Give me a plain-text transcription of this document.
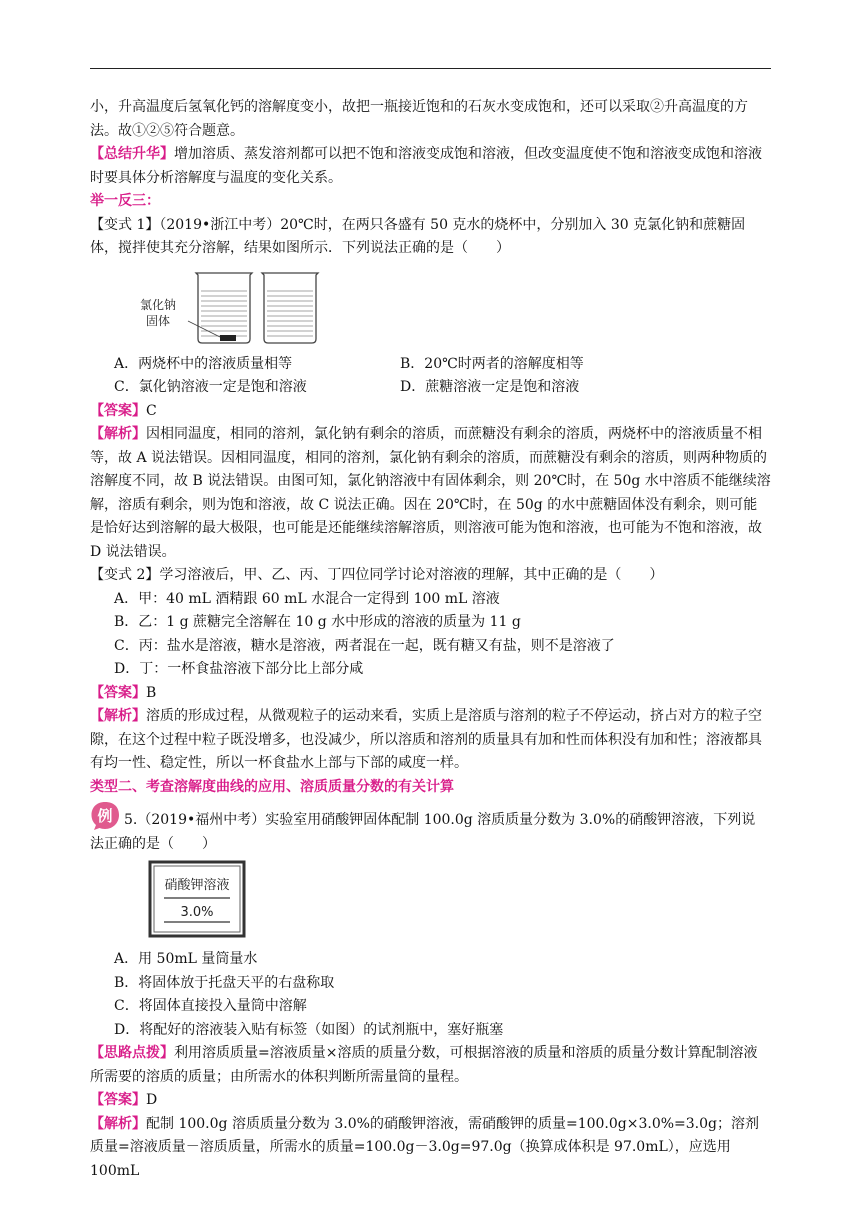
小，升高温度后氢氧化钙的溶解度变小，故把一瓶接近饱和的石灰水变成饱和，还可以采取②升高温度的方法。故①②⑤符合题意。

【总结升华】增加溶质、蒸发溶剂都可以把不饱和溶液变成饱和溶液，但改变温度使不饱和溶液变成饱和溶液时要具体分析溶解度与温度的变化关系。

举一反三：

【变式 1】（2019•浙江中考）20℃时，在两只各盛有 50 克水的烧杯中，分别加入 30 克氯化钠和蔗糖固体，搅拌使其充分溶解，结果如图所示．下列说法正确的是（　　）

氯化钠
固体
A．两烧杯中的溶液质量相等	B．20℃时两者的溶解度相等
C．氯化钠溶液一定是饱和溶液	D．蔗糖溶液一定是饱和溶液

【答案】C

【解析】因相同温度，相同的溶剂，氯化钠有剩余的溶质，而蔗糖没有剩余的溶质，两烧杯中的溶液质量不相等，故 A 说法错误。因相同温度，相同的溶剂，氯化钠有剩余的溶质，而蔗糖没有剩余的溶质，则两种物质的溶解度不同，故 B 说法错误。由图可知，氯化钠溶液中有固体剩余，则 20℃时，在 50g 水中溶质不能继续溶解，溶质有剩余，则为饱和溶液，故 C 说法正确。因在 20℃时，在 50g 的水中蔗糖固体没有剩余，则可能是恰好达到溶解的最大极限，也可能是还能继续溶解溶质，则溶液可能为饱和溶液，也可能为不饱和溶液，故 D 说法错误。

【变式 2】学习溶液后，甲、乙、丙、丁四位同学讨论对溶液的理解，其中正确的是（　　）

A．甲：40 mL 酒精跟 60 mL 水混合一定得到 100 mL 溶液

B．乙：1 g 蔗糖完全溶解在 10 g 水中形成的溶液的质量为 11 g

C．丙：盐水是溶液，糖水是溶液，两者混在一起，既有糖又有盐，则不是溶液了

D．丁：一杯食盐溶液下部分比上部分咸

【答案】B

【解析】溶质的形成过程，从微观粒子的运动来看，实质上是溶质与溶剂的粒子不停运动，挤占对方的粒子空隙，在这个过程中粒子既没增多，也没减少，所以溶质和溶剂的质量具有加和性而体积没有加和性；溶液都具有均一性、稳定性，所以一杯食盐水上部与下部的咸度一样。

类型二、考查溶解度曲线的应用、溶质质量分数的有关计算

例 5.（2019•福州中考）实验室用硝酸钾固体配制 100.0g 溶质质量分数为 3.0%的硝酸钾溶液，下列说

法正确的是（　　）

硝酸钾溶液
3.0%

A．用 50mL 量筒量水

B．将固体放于托盘天平的右盘称取

C．将固体直接投入量筒中溶解

D．将配好的溶液装入贴有标签（如图）的试剂瓶中，塞好瓶塞

【思路点拨】利用溶质质量=溶液质量×溶质的质量分数，可根据溶液的质量和溶质的质量分数计算配制溶液所需要的溶质的质量；由所需水的体积判断所需量筒的量程。

【答案】D

【解析】配制 100.0g 溶质质量分数为 3.0%的硝酸钾溶液，需硝酸钾的质量=100.0g×3.0%=3.0g；溶剂质量=溶液质量－溶质质量，所需水的质量=100.0g－3.0g=97.0g（换算成体积是 97.0mL），应选用 100mL
